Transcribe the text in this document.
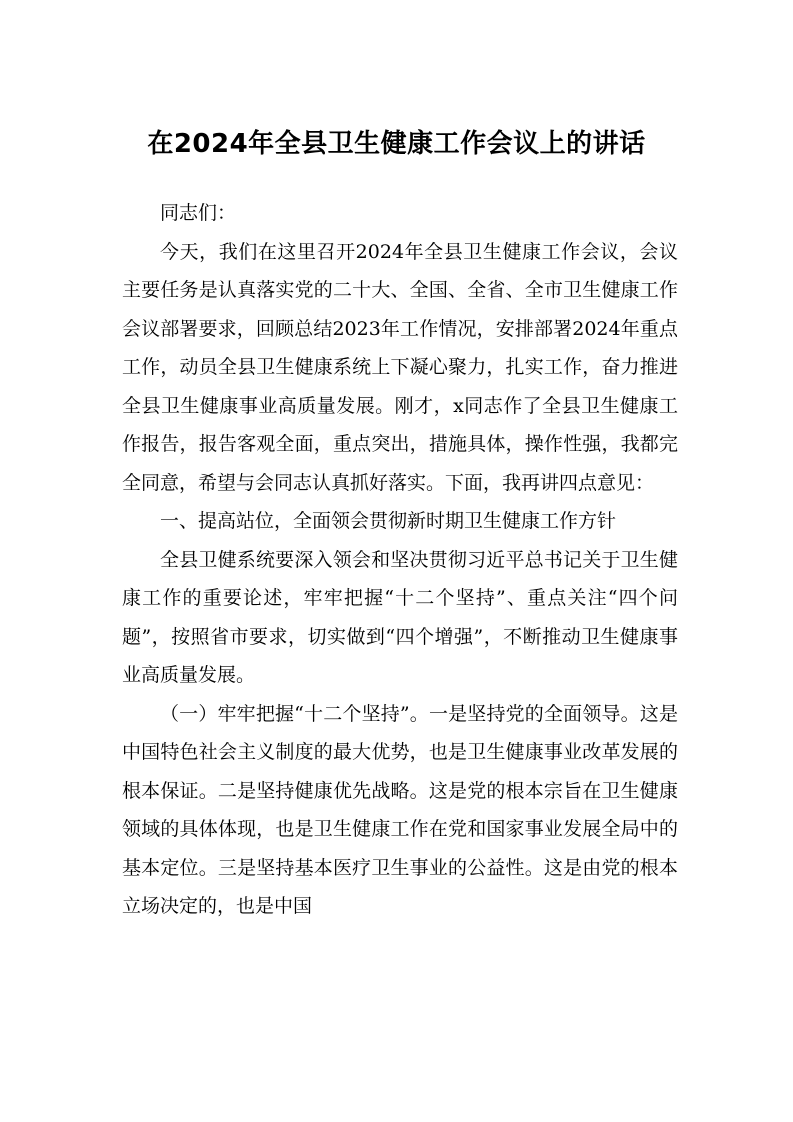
在2024年全县卫生健康工作会议上的讲话

同志们：

今天，我们在这里召开2024年全县卫生健康工作会议，会议主要任务是认真落实党的二十大、全国、全省、全市卫生健康工作会议部署要求，回顾总结2023年工作情况，安排部署2024年重点工作，动员全县卫生健康系统上下凝心聚力，扎实工作，奋力推进全县卫生健康事业高质量发展。刚才，x同志作了全县卫生健康工作报告，报告客观全面，重点突出，措施具体，操作性强，我都完全同意，希望与会同志认真抓好落实。下面，我再讲四点意见：

一、提高站位，全面领会贯彻新时期卫生健康工作方针

全县卫健系统要深入领会和坚决贯彻习近平总书记关于卫生健康工作的重要论述，牢牢把握“十二个坚持”、重点关注“四个问题”，按照省市要求，切实做到“四个增强”，不断推动卫生健康事业高质量发展。

（一）牢牢把握“十二个坚持”。一是坚持党的全面领导。这是中国特色社会主义制度的最大优势，也是卫生健康事业改革发展的根本保证。二是坚持健康优先战略。这是党的根本宗旨在卫生健康领域的具体体现，也是卫生健康工作在党和国家事业发展全局中的基本定位。三是坚持基本医疗卫生事业的公益性。这是由党的根本立场决定的，也是中国
